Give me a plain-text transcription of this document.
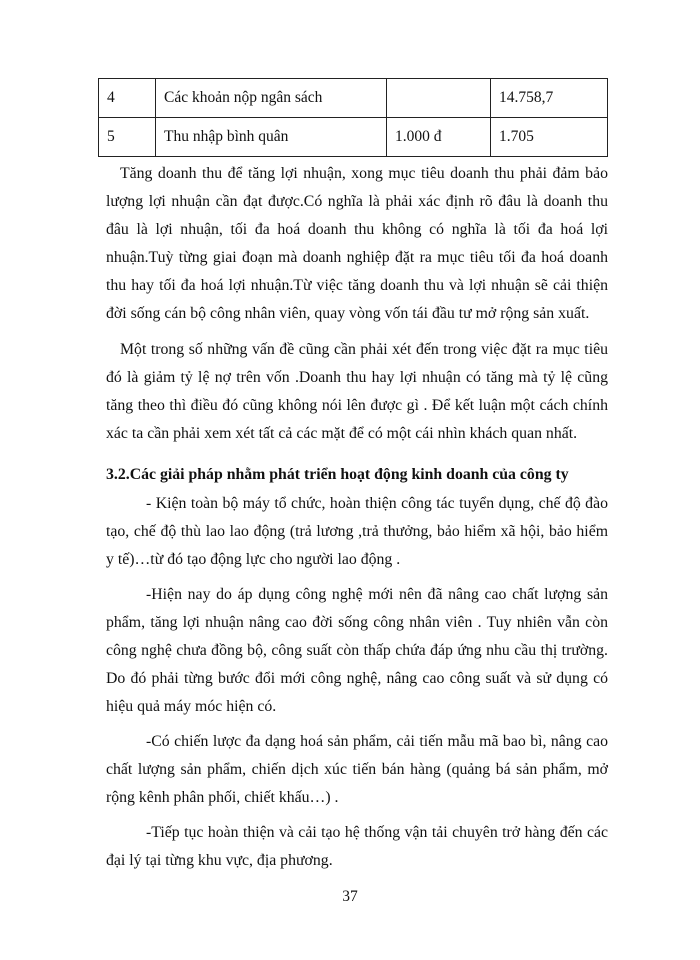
4	Các khoản nộp ngân sách		14.758,7
5	Thu nhập bình quân	1.000 đ	1.705

Tăng doanh thu để tăng lợi nhuận, xong mục tiêu doanh thu phải đảm bảo lượng lợi nhuận cần đạt được.Có nghĩa là phải xác định rõ đâu là doanh thu đâu là lợi nhuận, tối đa hoá doanh thu không có nghĩa là tối đa hoá lợi nhuận.Tuỳ từng giai đoạn mà doanh nghiệp đặt ra mục tiêu tối đa hoá doanh thu hay tối đa hoá lợi nhuận.Từ việc tăng doanh thu và lợi nhuận sẽ cải thiện đời sống cán bộ công nhân viên, quay vòng vốn tái đầu tư mở rộng sản xuất.

Một trong số những vấn đề cũng cần phải xét đến trong việc đặt ra mục tiêu đó là giảm tỷ lệ nợ trên vốn .Doanh thu hay lợi nhuận có tăng mà tỷ lệ cũng tăng theo thì điều đó cũng không nói lên được gì . Để kết luận một cách chính xác ta cần phải xem xét tất cả các mặt để có một cái nhìn khách quan nhất.

3.2.Các giải pháp nhằm phát triển hoạt động kinh doanh của công ty

- Kiện toàn bộ máy tổ chức, hoàn thiện công tác tuyển dụng, chế độ đào tạo, chế độ thù lao lao động (trả lương ,trả thưởng, bảo hiểm xã hội, bảo hiểm y tế)…từ đó tạo động lực cho người lao động .

-Hiện nay do áp dụng công nghệ mới nên đã nâng cao chất lượng sản phẩm, tăng lợi nhuận nâng cao đời sống công nhân viên . Tuy nhiên vẫn còn công nghệ chưa đồng bộ, công suất còn thấp chứa đáp ứng nhu cầu thị trường. Do đó phải từng bước đổi mới công nghệ, nâng cao công suất và sử dụng có hiệu quả máy móc hiện có.

-Có chiến lược đa dạng hoá sản phẩm, cải tiến mẫu mã bao bì, nâng cao chất lượng sản phẩm, chiến dịch xúc tiến bán hàng (quảng bá sản phẩm, mở rộng kênh phân phối, chiết khấu…) .

-Tiếp tục hoàn thiện và cải tạo hệ thống vận tải chuyên trở hàng đến các đại lý tại từng khu vực, địa phương.

37
